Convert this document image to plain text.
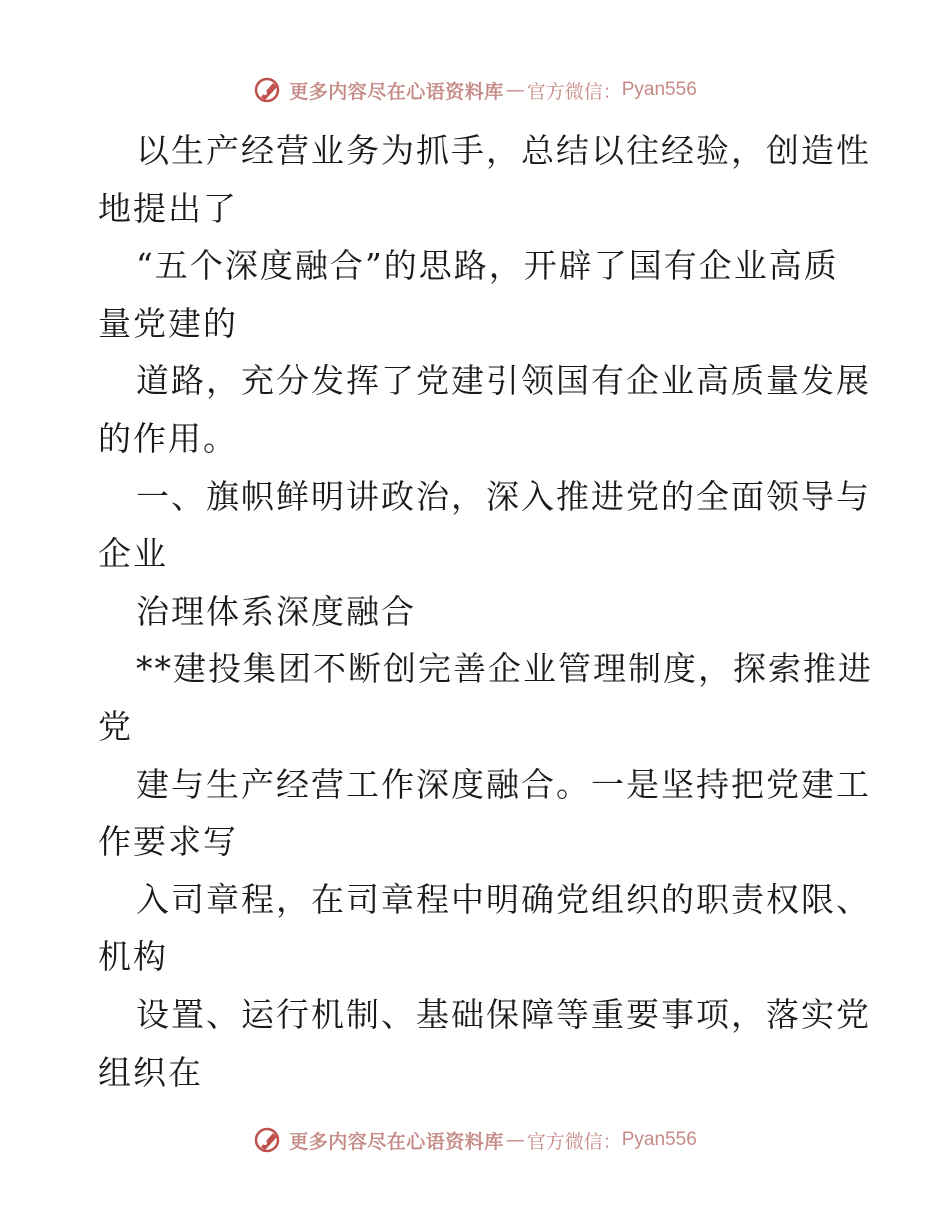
更多内容尽在心语资料库 — 官方微信： Pyan556
以生产经营业务为抓手，总结以往经验，创造性
地提出了
“五个深度融合”的思路，开辟了国有企业高质
量党建的
道路，充分发挥了党建引领国有企业高质量发展
的作用。
一、旗帜鲜明讲政治，深入推进党的全面领导与
企业
治理体系深度融合
**建投集团不断创完善企业管理制度，探索推进
党
建与生产经营工作深度融合。一是坚持把党建工
作要求写
入司章程，在司章程中明确党组织的职责权限、
机构
设置、运行机制、基础保障等重要事项，落实党
组织在
更多内容尽在心语资料库 — 官方微信： Pyan556
